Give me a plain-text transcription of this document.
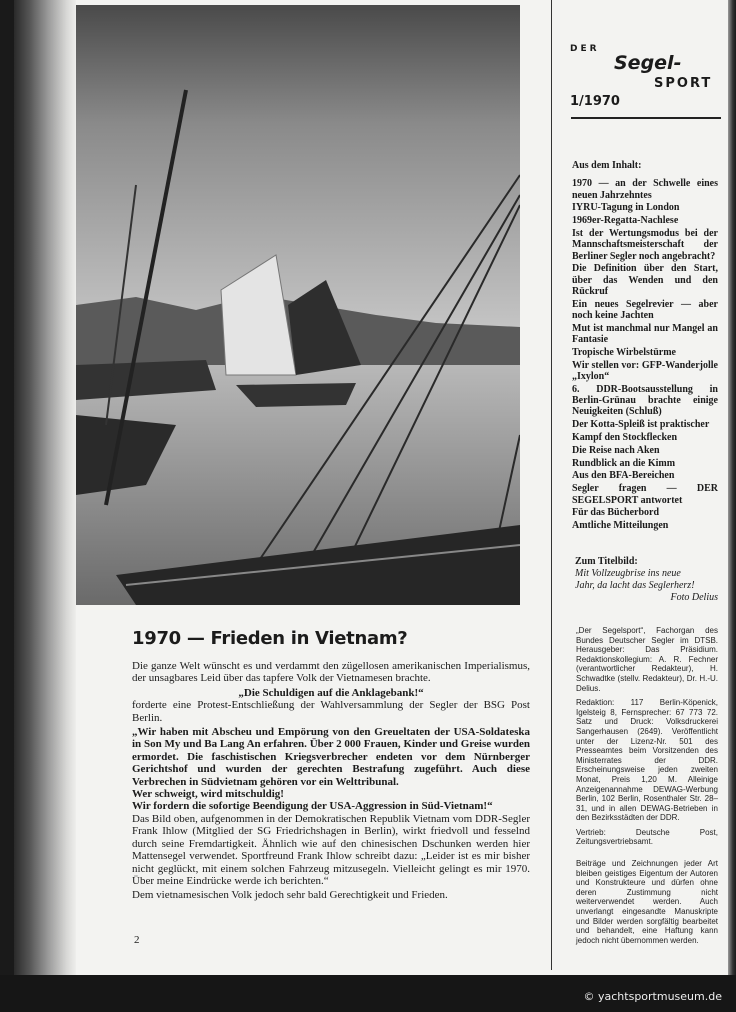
1970 — Frieden in Vietnam?

Die ganze Welt wünscht es und verdammt den zügellosen amerikanischen Imperialismus, der unsagbares Leid über das tapfere Volk der Vietnamesen brachte.

„Die Schuldigen auf die Anklagebank!“

forderte eine Protest-Entschließung der Wahlversammlung der Segler der BSG Post Berlin.

„Wir haben mit Abscheu und Empörung von den Greueltaten der USA-Soldateska in Son My und Ba Lang An erfahren. Über 2 000 Frauen, Kinder und Greise wurden ermordet. Die faschistischen Kriegsverbrecher endeten vor dem Nürnberger Gerichtshof und wurden der gerechten Bestrafung zugeführt. Auch diese Verbrechen in Südvietnam gehören vor ein Welttribunal.

Wer schweigt, wird mitschuldig!

Wir fordern die sofortige Beendigung der USA-Aggression in Süd-Vietnam!“

Das Bild oben, aufgenommen in der Demokratischen Republik Vietnam vom DDR-Segler Frank Ihlow (Mitglied der SG Friedrichshagen in Berlin), wirkt friedvoll und fesselnd durch seine Fremdartigkeit. Ähnlich wie auf den chinesischen Dschunken werden hier Mattensegel verwendet. Sportfreund Frank Ihlow schreibt dazu: „Leider ist es mir bisher nicht geglückt, mit einem solchen Fahrzeug mitzusegeln. Vielleicht gelingt es mir 1970. Über meine Eindrücke werde ich berichten.“

Dem vietnamesischen Volk jedoch sehr bald Gerechtigkeit und Frieden.

2
DER
Segel-
SPORT
1/1970
Aus dem Inhalt:
1970 — an der Schwelle eines neuen Jahrzehntes
IYRU-Tagung in London
1969er-Regatta-Nachlese
Ist der Wertungsmodus bei der Mannschaftsmeisterschaft der Berliner Segler noch angebracht?
Die Definition über den Start, über das Wenden und den Rückruf
Ein neues Segelrevier — aber noch keine Jachten
Mut ist manchmal nur Mangel an Fantasie
Tropische Wirbelstürme
Wir stellen vor: GFP-Wanderjolle „Ixylon“
6. DDR-Bootsausstellung in Berlin-Grünau brachte einige Neuigkeiten (Schluß)
Der Kotta-Spleiß ist praktischer
Kampf den Stockflecken
Die Reise nach Aken
Rundblick an die Kimm
Aus den BFA-Bereichen
Segler fragen — DER SEGELSPORT antwortet
Für das Bücherbord
Amtliche Mitteilungen
Zum Titelbild:
Mit Vollzeugbrise ins neue
Jahr, da lacht das Seglerherz!
Foto Delius

„Der Segelsport“, Fachorgan des Bundes Deutscher Segler im DTSB. Herausgeber: Das Präsidium. Redaktionskollegium: A. R. Fechner (verantwortlicher Redakteur), H. Schwadtke (stellv. Redakteur), Dr. H.-U. Delius.

Redaktion: 117 Berlin-Köpenick, Igelsteig 8, Fernsprecher: 67 773 72. Satz und Druck: Volksdruckerei Sangerhausen (2649). Veröffentlicht unter der Lizenz-Nr. 501 des Presseamtes beim Vorsitzenden des Ministerrates der DDR. Erscheinungsweise jeden zweiten Monat, Preis 1,20 M. Alleinige Anzeigenannahme DEWAG-Werbung Berlin, 102 Berlin, Rosenthaler Str. 28–31, und in allen DEWAG-Betrieben in den Bezirksstädten der DDR.

Vertrieb: Deutsche Post, Zeitungsvertriebsamt.

Beiträge und Zeichnungen jeder Art bleiben geistiges Eigentum der Autoren und Konstrukteure und dürfen ohne deren Zustimmung nicht weiterverwendet werden. Auch unverlangt eingesandte Manuskripte und Bilder werden sorgfältig bearbeitet und behandelt, eine Haftung kann jedoch nicht übernommen werden.

© yachtsportmuseum.de
